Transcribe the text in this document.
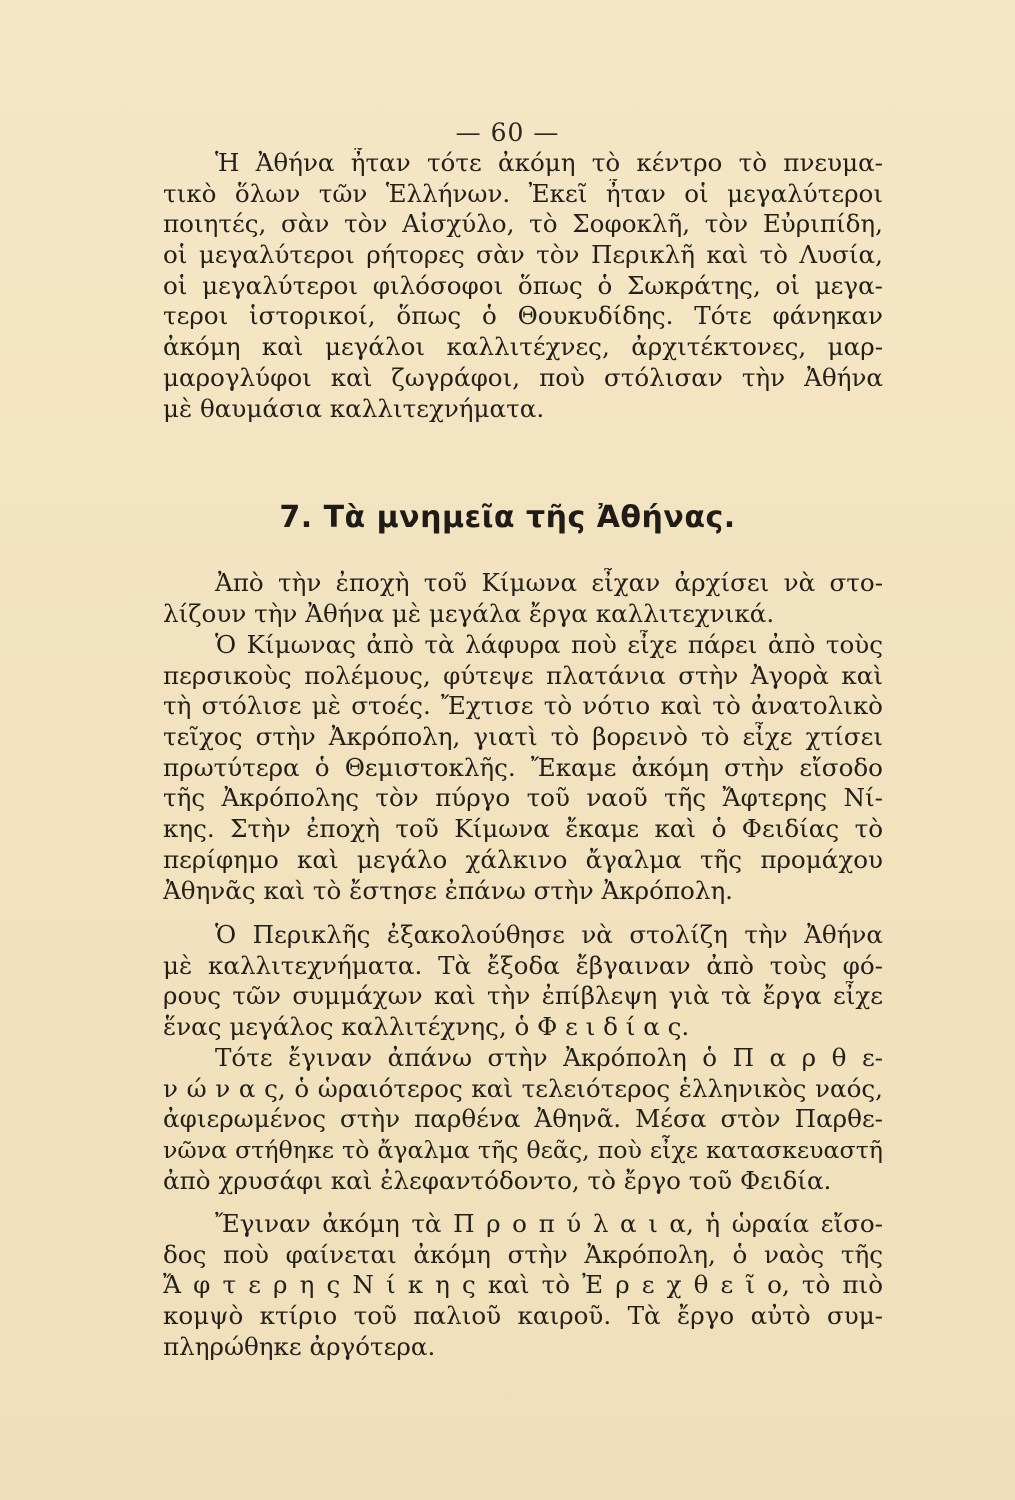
— 60 —
Ἡ Ἀθήνα ἦταν τότε ἀκόμη τὸ κέντρο τὸ πνευμα-
τικὸ ὅλων τῶν Ἑλλήνων. Ἐκεῖ ἦταν οἱ μεγαλύτεροι
ποιητές, σὰν τὸν Αἰσχύλο, τὸ Σοφοκλῆ, τὸν Εὐριπίδη,
οἱ μεγαλύτεροι ρήτορες σὰν τὸν Περικλῆ καὶ τὸ Λυσία,
οἱ μεγαλύτεροι φιλόσοφοι ὅπως ὁ Σωκράτης, οἱ μεγα-
τεροι ἱστορικοί, ὅπως ὁ Θουκυδίδης. Τότε φάνηκαν
ἀκόμη καὶ μεγάλοι καλλιτέχνες, ἀρχιτέκτονες, μαρ-
μαρογλύφοι καὶ ζωγράφοι, ποὺ στόλισαν τὴν Ἀθήνα
μὲ θαυμάσια καλλιτεχνήματα.
7. Τὰ μνημεῖα τῆς Ἀθήνας.
Ἀπὸ τὴν ἐποχὴ τοῦ Κίμωνα εἶχαν ἀρχίσει νὰ στο-
λίζουν τὴν Ἀθήνα μὲ μεγάλα ἔργα καλλιτεχνικά.
Ὁ Κίμωνας ἀπὸ τὰ λάφυρα ποὺ εἶχε πάρει ἀπὸ τοὺς
περσικοὺς πολέμους, φύτεψε πλατάνια στὴν Ἀγορὰ καὶ
τὴ στόλισε μὲ στοές. Ἔχτισε τὸ νότιο καὶ τὸ ἀνατολικὸ
τεῖχος στὴν Ἀκρόπολη, γιατὶ τὸ βορεινὸ τὸ εἶχε χτίσει
πρωτύτερα ὁ Θεμιστοκλῆς. Ἔκαμε ἀκόμη στὴν εἴσοδο
τῆς Ἀκρόπολης τὸν πύργο τοῦ ναοῦ τῆς Ἄφτερης Νί-
κης. Στὴν ἐποχὴ τοῦ Κίμωνα ἔκαμε καὶ ὁ Φειδίας τὸ
περίφημο καὶ μεγάλο χάλκινο ἄγαλμα τῆς προμάχου
Ἀθηνᾶς καὶ τὸ ἔστησε ἐπάνω στὴν Ἀκρόπολη.
Ὁ Περικλῆς ἐξακολούθησε νὰ στολίζη τὴν Ἀθήνα
μὲ καλλιτεχνήματα. Τὰ ἔξοδα ἔβγαιναν ἀπὸ τοὺς φό-
ρους τῶν συμμάχων καὶ τὴν ἐπίβλεψη γιὰ τὰ ἔργα εἶχε
ἕνας μεγάλος καλλιτέχνης, ὁ Φ ε ι δ ί α ς.
Τότε ἔγιναν ἀπάνω στὴν Ἀκρόπολη ὁ Π α ρ θ ε-
ν ώ ν α ς, ὁ ὡραιότερος καὶ τελειότερος ἑλληνικὸς ναός,
ἀφιερωμένος στὴν παρθένα Ἀθηνᾶ. Μέσα στὸν Παρθε-
νῶνα στήθηκε τὸ ἄγαλμα τῆς θεᾶς, ποὺ εἶχε κατασκευαστῆ
ἀπὸ χρυσάφι καὶ ἐλεφαντόδοντο, τὸ ἔργο τοῦ Φειδία.
Ἔγιναν ἀκόμη τὰ Π ρ ο π ύ λ α ι α, ἡ ὡραία εἴσο-
δος ποὺ φαίνεται ἀκόμη στὴν Ἀκρόπολη, ὁ ναὸς τῆς
Ἄ φ τ ε ρ η ς Ν ί κ η ς καὶ τὸ Ἐ ρ ε χ θ ε ῖ ο, τὸ πιὸ
κομψὸ κτίριο τοῦ παλιοῦ καιροῦ. Τὰ ἔργο αὐτὸ συμ-
πληρώθηκε ἀργότερα.
